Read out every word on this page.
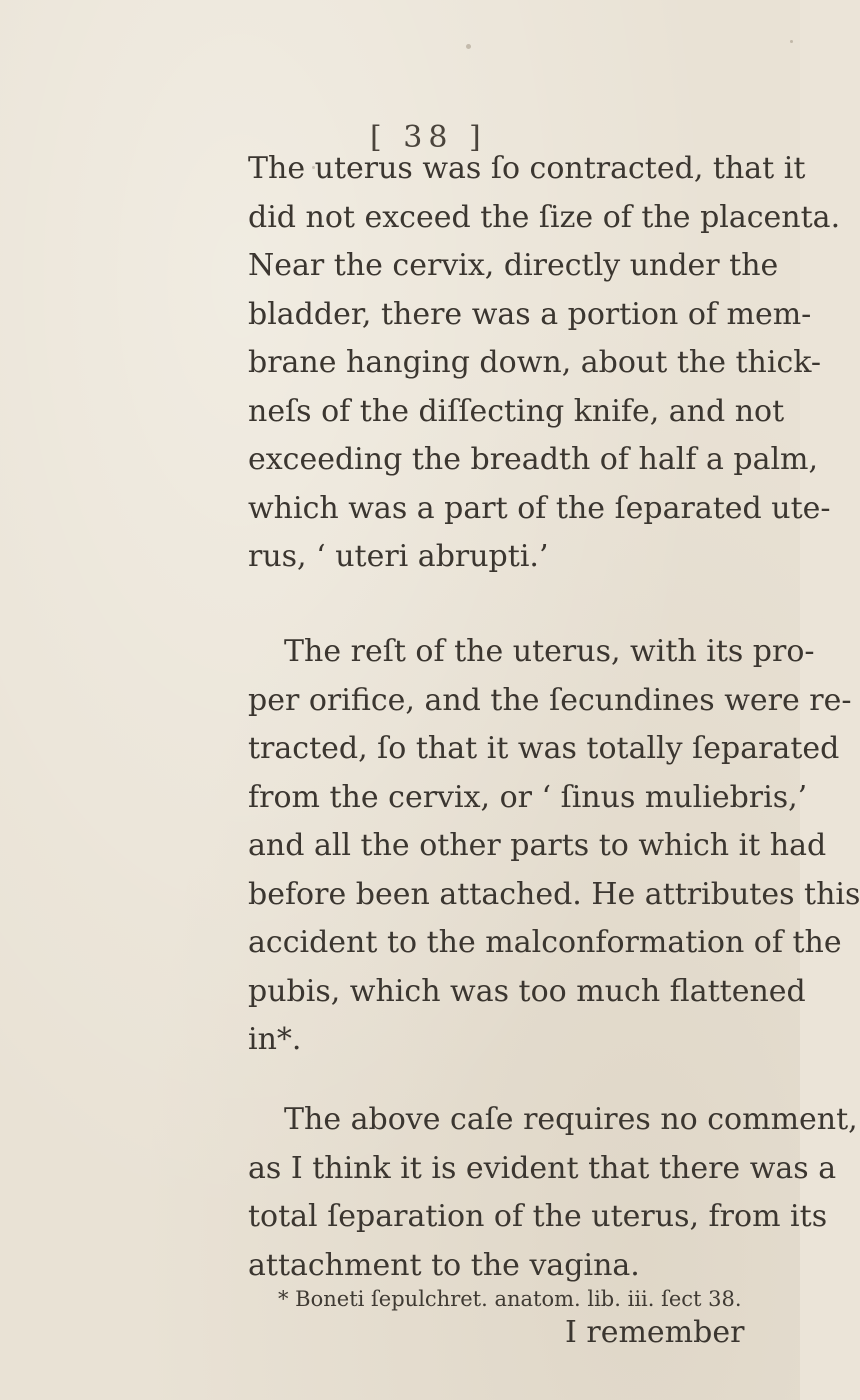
[ 38 ]

The uterus was ſo contracted, that it
did not exceed the ſize of the placenta.
Near the cervix, directly under the
bladder, there was a portion of mem-
brane hanging down, about the thick-
neſs of the diſſecting knife, and not
exceeding the breadth of half a palm,
which was a part of the ſeparated ute-
rus, ‘ uteri abrupti.’

The reſt of the uterus, with its pro-
per orifice, and the ſecundines were re-
tracted, ſo that it was totally ſeparated
from the cervix, or ‘ ſinus muliebris,’
and all the other parts to which it had
before been attached. He attributes this
accident to the malconformation of the
pubis, which was too much flattened
in*.

The above caſe requires no comment,
as I think it is evident that there was a
total ſeparation of the uterus, from its
attachment to the vagina.

* Boneti ſepulchret. anatom. lib. iii. ſect 38.
I remember
